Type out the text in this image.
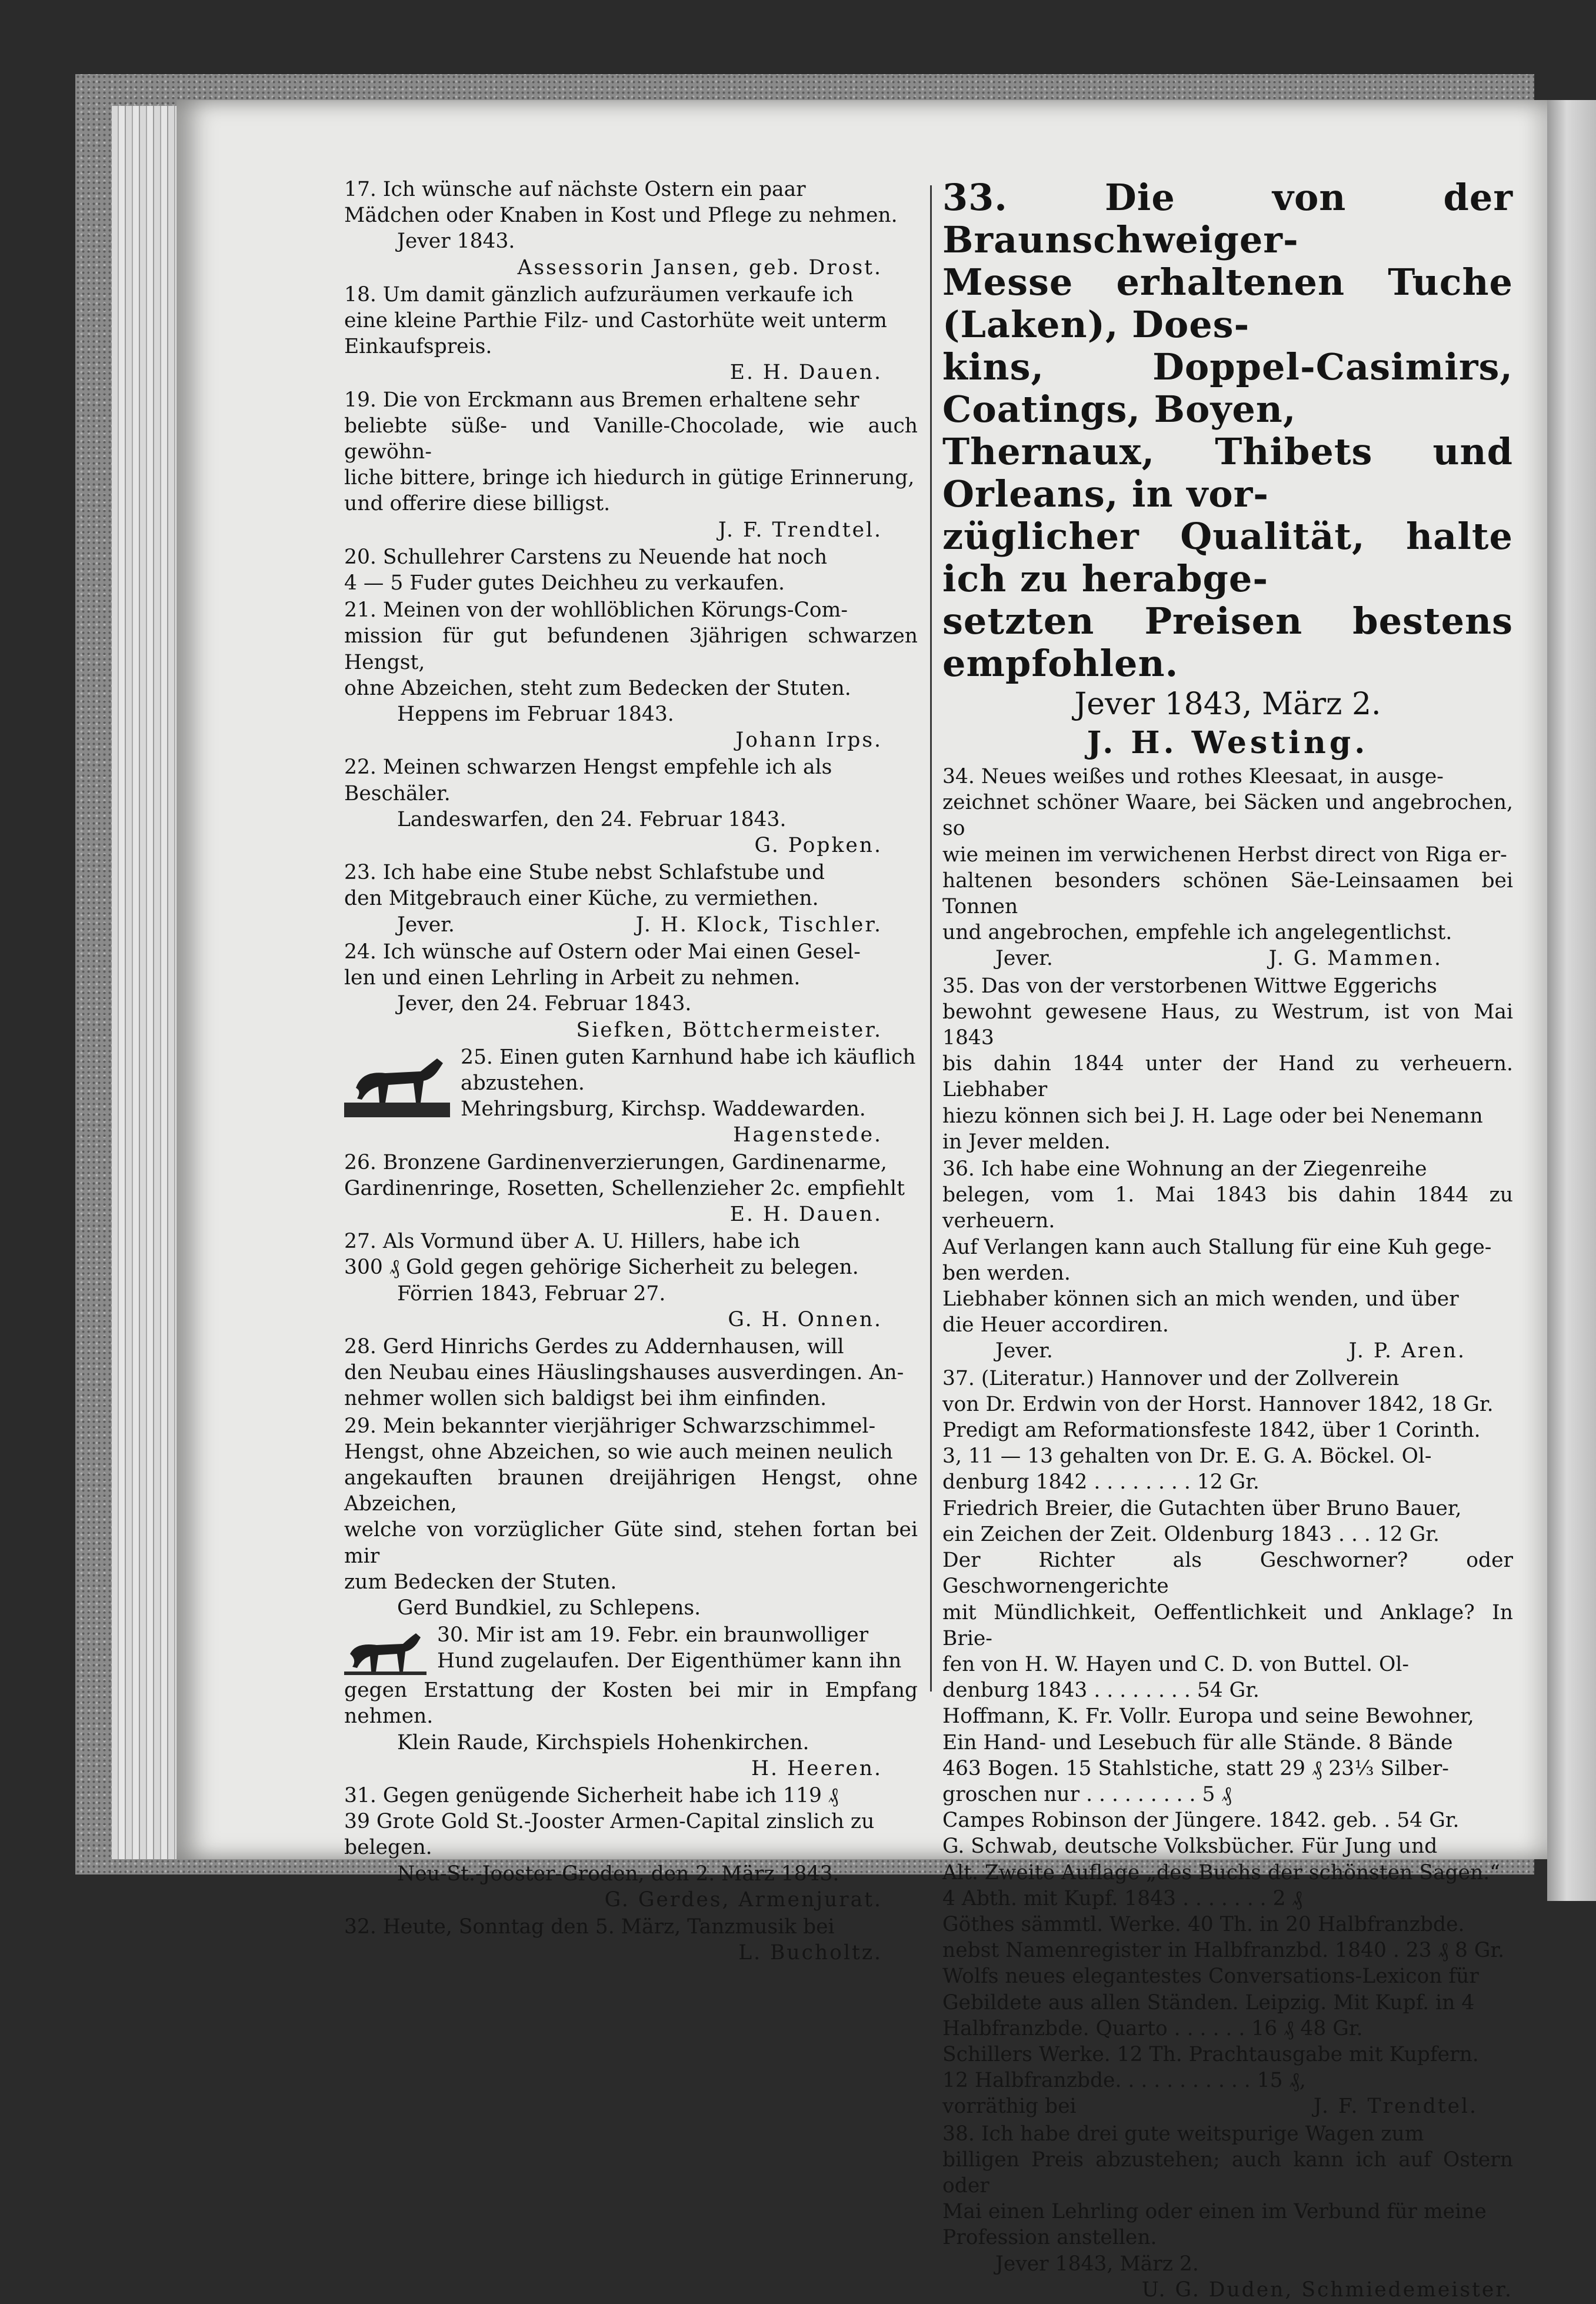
17. Ich wünsche auf nächste Ostern ein paar
Mädchen oder Knaben in Kost und Pflege zu nehmen.
Jever 1843.
Assessorin Jansen, geb. Drost.
18. Um damit gänzlich aufzuräumen verkaufe ich
eine kleine Parthie Filz- und Castorhüte weit unterm
Einkaufspreis.
E. H. Dauen.
19. Die von Erckmann aus Bremen erhaltene sehr
beliebte süße- und Vanille-Chocolade, wie auch gewöhn-
liche bittere, bringe ich hiedurch in gütige Erinnerung,
und offerire diese billigst.
J. F. Trendtel.
20. Schullehrer Carstens zu Neuende hat noch
4 — 5 Fuder gutes Deichheu zu verkaufen.
21. Meinen von der wohllöblichen Körungs-Com-
mission für gut befundenen 3jährigen schwarzen Hengst,
ohne Abzeichen, steht zum Bedecken der Stuten.
Heppens im Februar 1843.
Johann Irps.
22. Meinen schwarzen Hengst empfehle ich als
Beschäler.
Landeswarfen, den 24. Februar 1843.
G. Popken.
23. Ich habe eine Stube nebst Schlafstube und
den Mitgebrauch einer Küche, zu vermiethen.
Jever.	J. H. Klock, Tischler.
24. Ich wünsche auf Ostern oder Mai einen Gesel-
len und einen Lehrling in Arbeit zu nehmen.
Jever, den 24. Februar 1843.
Siefken, Böttchermeister.
25. Einen guten Karnhund habe ich käuflich
abzustehen.
Mehringsburg, Kirchsp. Waddewarden.
Hagenstede.
26. Bronzene Gardinenverzierungen, Gardinenarme,
Gardinenringe, Rosetten, Schellenzieher 2c. empfiehlt
E. H. Dauen.
27. Als Vormund über A. U. Hillers, habe ich
300 ₰ Gold gegen gehörige Sicherheit zu belegen.
Förrien 1843, Februar 27.
G. H. Onnen.
28. Gerd Hinrichs Gerdes zu Addernhausen, will
den Neubau eines Häuslingshauses ausverdingen. An-
nehmer wollen sich baldigst bei ihm einfinden.
29. Mein bekannter vierjähriger Schwarzschimmel-
Hengst, ohne Abzeichen, so wie auch meinen neulich
angekauften braunen dreijährigen Hengst, ohne Abzeichen,
welche von vorzüglicher Güte sind, stehen fortan bei mir
zum Bedecken der Stuten.
Gerd Bundkiel, zu Schlepens.
30. Mir ist am 19. Febr. ein braunwolliger
Hund zugelaufen. Der Eigenthümer kann ihn
gegen Erstattung der Kosten bei mir in Empfang nehmen.
Klein Raude, Kirchspiels Hohenkirchen.
H. Heeren.
31. Gegen genügende Sicherheit habe ich 119 ₰
39 Grote Gold St.-Jooster Armen-Capital zinslich zu
belegen.
Neu-St.-Jooster-Groden, den 2. März 1843.
G. Gerdes, Armenjurat.
32. Heute, Sonntag den 5. März, Tanzmusik bei
L. Bucholtz.
33. Die von der Braunschweiger-
Messe erhaltenen Tuche (Laken), Does-
kins, Doppel-Casimirs, Coatings, Boyen,
Thernaux, Thibets und Orleans, in vor-
züglicher Qualität, halte ich zu herabge-
setzten Preisen bestens empfohlen.
Jever 1843, März 2.
J. H. Westing.
34. Neues weißes und rothes Kleesaat, in ausge-
zeichnet schöner Waare, bei Säcken und angebrochen, so
wie meinen im verwichenen Herbst direct von Riga er-
haltenen besonders schönen Säe-Leinsaamen bei Tonnen
und angebrochen, empfehle ich angelegentlichst.
Jever.	J. G. Mammen.
35. Das von der verstorbenen Wittwe Eggerichs
bewohnt gewesene Haus, zu Westrum, ist von Mai 1843
bis dahin 1844 unter der Hand zu verheuern. Liebhaber
hiezu können sich bei J. H. Lage oder bei Nenemann
in Jever melden.
36. Ich habe eine Wohnung an der Ziegenreihe
belegen, vom 1. Mai 1843 bis dahin 1844 zu verheuern.
Auf Verlangen kann auch Stallung für eine Kuh gege-
ben werden.
Liebhaber können sich an mich wenden, und über
die Heuer accordiren.
Jever.	J. P. Aren.
37. (Literatur.) Hannover und der Zollverein
von Dr. Erdwin von der Horst. Hannover 1842, 18 Gr.
Predigt am Reformationsfeste 1842, über 1 Corinth.
3, 11 — 13 gehalten von Dr. E. G. A. Böckel. Ol-
denburg 1842 . . . . . . . . 12 Gr.
Friedrich Breier, die Gutachten über Bruno Bauer,
ein Zeichen der Zeit. Oldenburg 1843 . . . 12 Gr.
Der Richter als Geschworner? oder Geschwornengerichte
mit Mündlichkeit, Oeffentlichkeit und Anklage? In Brie-
fen von H. W. Hayen und C. D. von Buttel. Ol-
denburg 1843 . . . . . . . . 54 Gr.
Hoffmann, K. Fr. Vollr. Europa und seine Bewohner,
Ein Hand- und Lesebuch für alle Stände. 8 Bände
463 Bogen. 15 Stahlstiche, statt 29 ₰ 23⅓ Silber-
groschen nur . . . . . . . . . 5 ₰
Campes Robinson der Jüngere. 1842. geb. . 54 Gr.
G. Schwab, deutsche Volksbücher. Für Jung und
Alt. Zweite Auflage „des Buchs der schönsten Sagen.“
4 Abth. mit Kupf. 1843 . . . . . . . 2 ₰
Göthes sämmtl. Werke. 40 Th. in 20 Halbfranzbde.
nebst Namenregister in Halbfranzbd. 1840 . 23 ₰ 8 Gr.
Wolfs neues elegantestes Conversations-Lexicon für
Gebildete aus allen Ständen. Leipzig. Mit Kupf. in 4
Halbfranzbde. Quarto . . . . . . 16 ₰ 48 Gr.
Schillers Werke. 12 Th. Prachtausgabe mit Kupfern.
12 Halbfranzbde. . . . . . . . . . . 15 ₰,
vorräthig bei	J. F. Trendtel.
38. Ich habe drei gute weitspurige Wagen zum
billigen Preis abzustehen; auch kann ich auf Ostern oder
Mai einen Lehrling oder einen im Verbund für meine
Profession anstellen.
Jever 1843, März 2.
U. G. Duden, Schmiedemeister.
